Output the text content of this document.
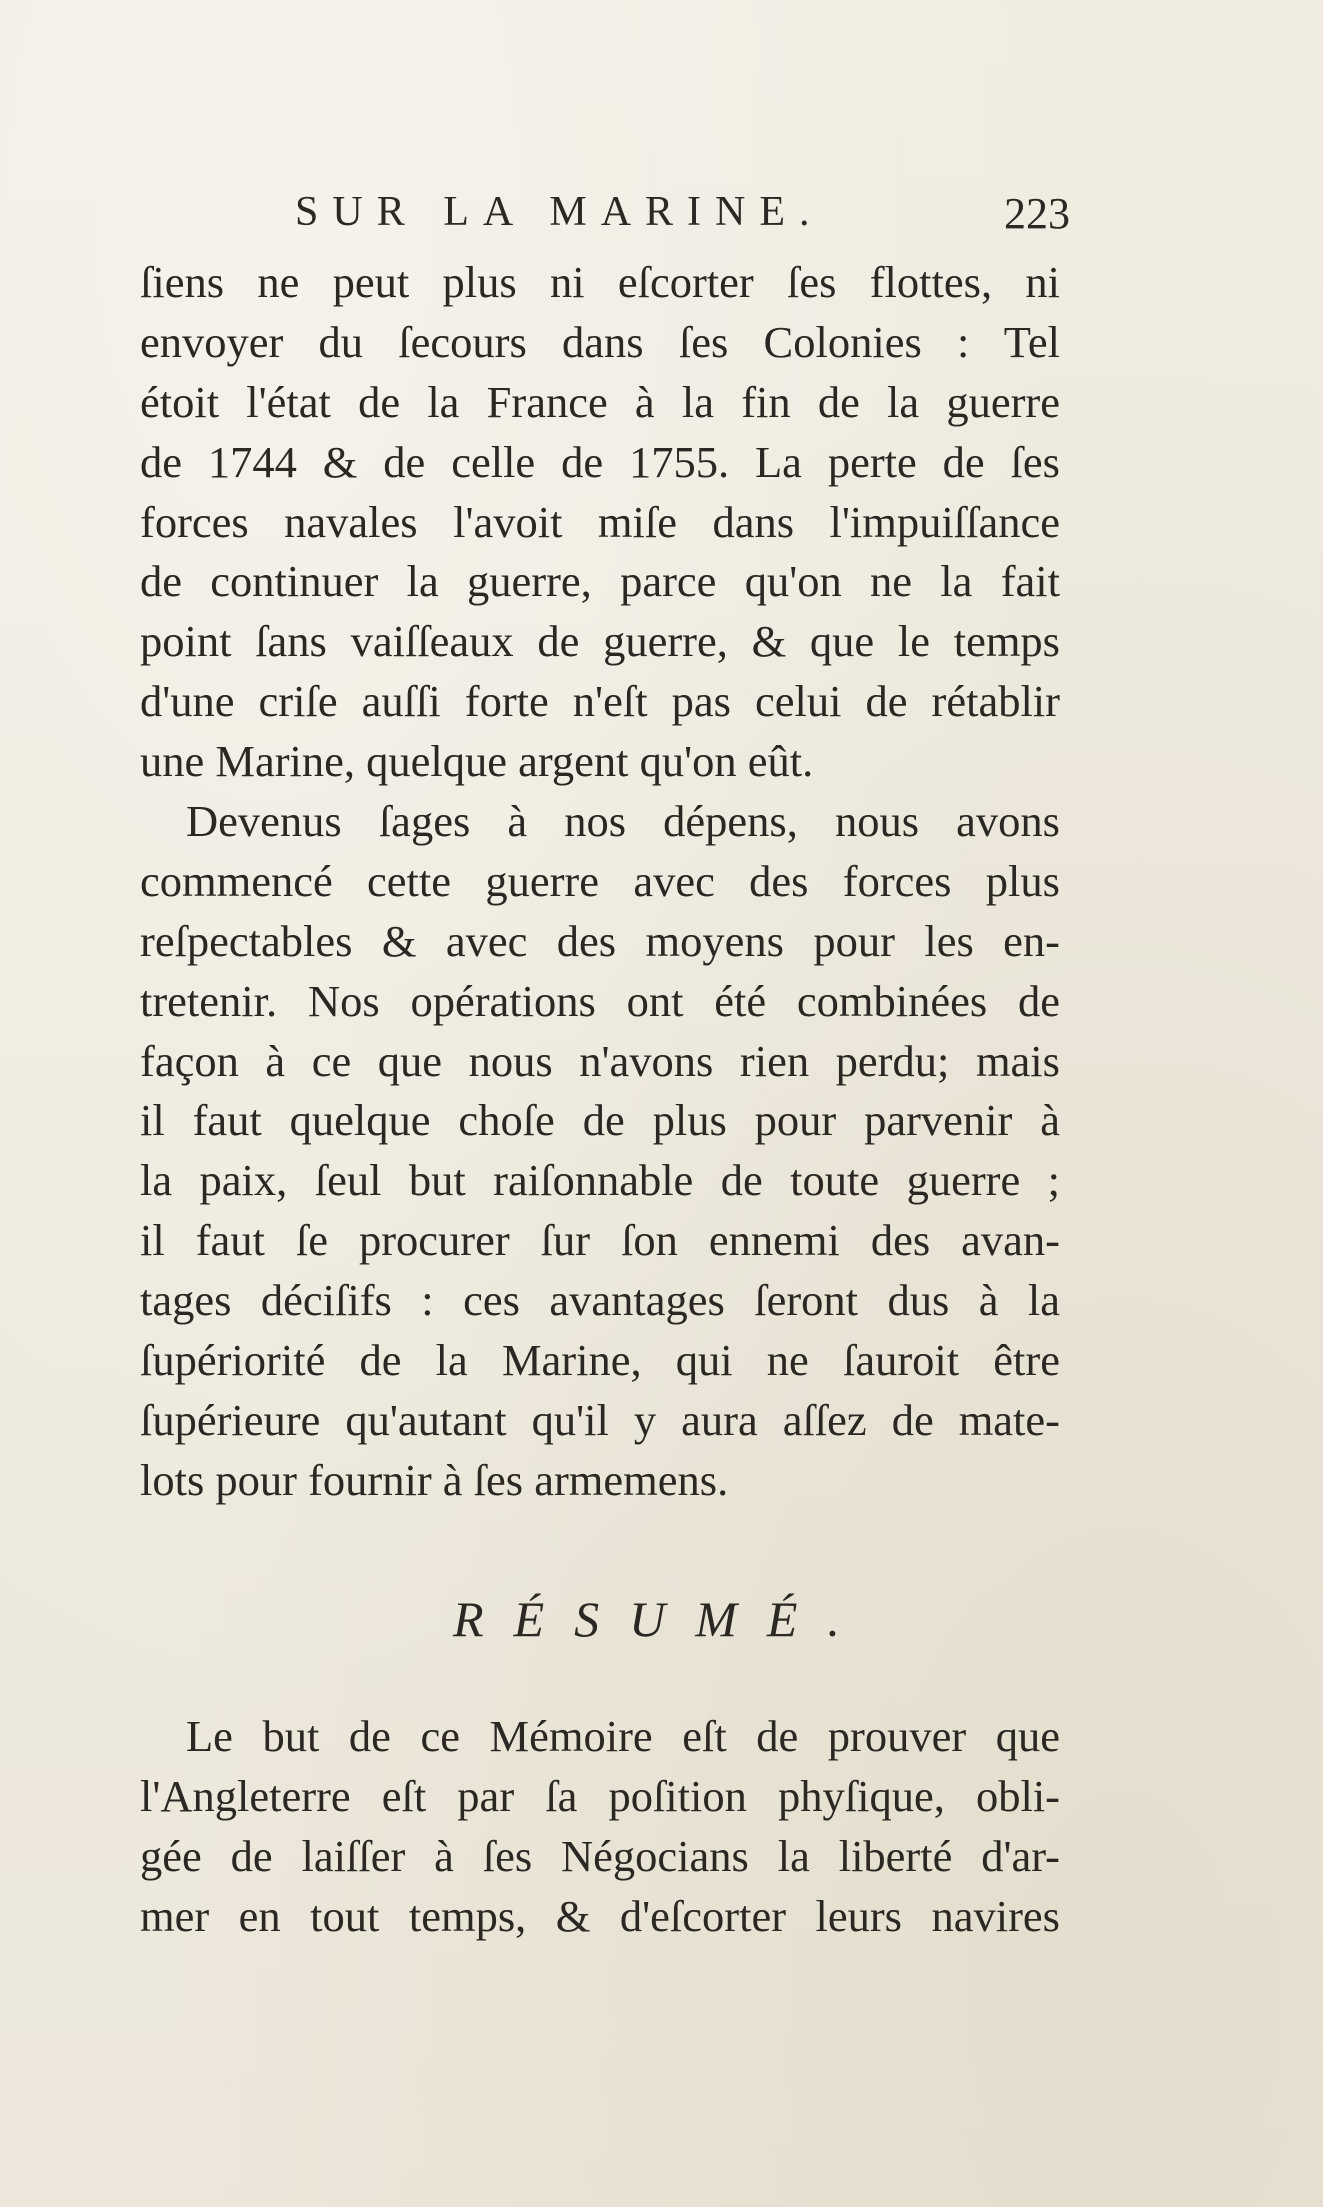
SUR LA MARINE.	223
ſiens ne peut plus ni eſcorter ſes flottes, ni
envoyer du ſecours dans ſes Colonies : Tel
étoit l'état de la France à la fin de la guerre
de 1744 & de celle de 1755. La perte de ſes
forces navales l'avoit miſe dans l'impuiſſance
de continuer la guerre, parce qu'on ne la fait
point ſans vaiſſeaux de guerre, & que le temps
d'une criſe auſſi forte n'eſt pas celui de rétablir
une Marine, quelque argent qu'on eût.
Devenus ſages à nos dépens, nous avons
commencé cette guerre avec des forces plus
reſpectables & avec des moyens pour les en-
tretenir. Nos opérations ont été combinées de
façon à ce que nous n'avons rien perdu; mais
il faut quelque choſe de plus pour parvenir à
la paix, ſeul but raiſonnable de toute guerre ;
il faut ſe procurer ſur ſon ennemi des avan-
tages déciſifs : ces avantages ſeront dus à la
ſupériorité de la Marine, qui ne ſauroit être
ſupérieure qu'autant qu'il y aura aſſez de mate-
lots pour fournir à ſes armemens.
RÉSUMÉ.
Le but de ce Mémoire eſt de prouver que
l'Angleterre eſt par ſa poſition phyſique, obli-
gée de laiſſer à ſes Négocians la liberté d'ar-
mer en tout temps, & d'eſcorter leurs navires
